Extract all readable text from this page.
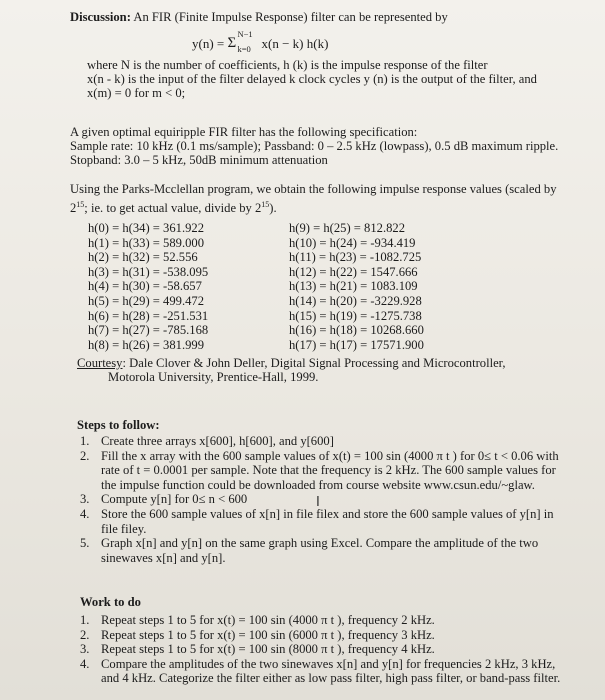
Discussion: An FIR (Finite Impulse Response) filter can be represented by
y(n) = Σ
N−1
k=0 x(n − k) h(k)
where N is the number of coefficients, h (k) is the impulse response of the filter
x(n - k) is the input of the filter delayed k clock cycles y (n) is the output of the filter, and
x(m) = 0 for m < 0;
A given optimal equiripple FIR filter has the following specification:
Sample rate: 10 kHz (0.1 ms/sample); Passband: 0 – 2.5 kHz (lowpass), 0.5 dB maximum ripple.
Stopband: 3.0 – 5 kHz, 50dB minimum attenuation
Using the Parks-Mcclellan program, we obtain the following impulse response values (scaled by
$2^{15}$; ie. to get actual value, divide by $2^{15}$).
h(0) = h(34) = 361.922
h(1) = h(33) = 589.000
h(2) = h(32) = 52.556
h(3) = h(31) = -538.095
h(4) = h(30) = -58.657
h(5) = h(29) = 499.472
h(6) = h(28) = -251.531
h(7) = h(27) = -785.168
h(8) = h(26) = 381.999
h(9) = h(25) = 812.822
h(10) = h(24) = -934.419
h(11) = h(23) = -1082.725
h(12) = h(22) = 1547.666
h(13) = h(21) = 1083.109
h(14) = h(20) = -3229.928
h(15) = h(19) = -1275.738
h(16) = h(18) = 10268.660
h(17) = h(17) = 17571.900
Courtesy: Dale Clover & John Deller, Digital Signal Processing and Microcontroller,
Motorola University, Prentice-Hall, 1999.
Steps to follow:
1. Create three arrays x[600], h[600], and y[600]
2. Fill the x array with the 600 sample values of x(t) = 100 sin (4000 π t ) for 0≤ t < 0.06 with
rate of t = 0.0001 per sample. Note that the frequency is 2 kHz. The 600 sample values for
the impulse function could be downloaded from course website www.csun.edu/~glaw.
3. Compute y[n] for 0≤ n < 600
4. Store the 600 sample values of x[n] in file filex and store the 600 sample values of y[n] in
file filey.
5. Graph x[n] and y[n] on the same graph using Excel. Compare the amplitude of the two
sinewaves x[n] and y[n].
I
Work to do
1. Repeat steps 1 to 5 for x(t) = 100 sin (4000 π t ), frequency 2 kHz.
2. Repeat steps 1 to 5 for x(t) = 100 sin (6000 π t ), frequency 3 kHz.
3. Repeat steps 1 to 5 for x(t) = 100 sin (8000 π t ), frequency 4 kHz.
4. Compare the amplitudes of the two sinewaves x[n] and y[n] for frequencies 2 kHz, 3 kHz,
and 4 kHz. Categorize the filter either as low pass filter, high pass filter, or band-pass filter.
